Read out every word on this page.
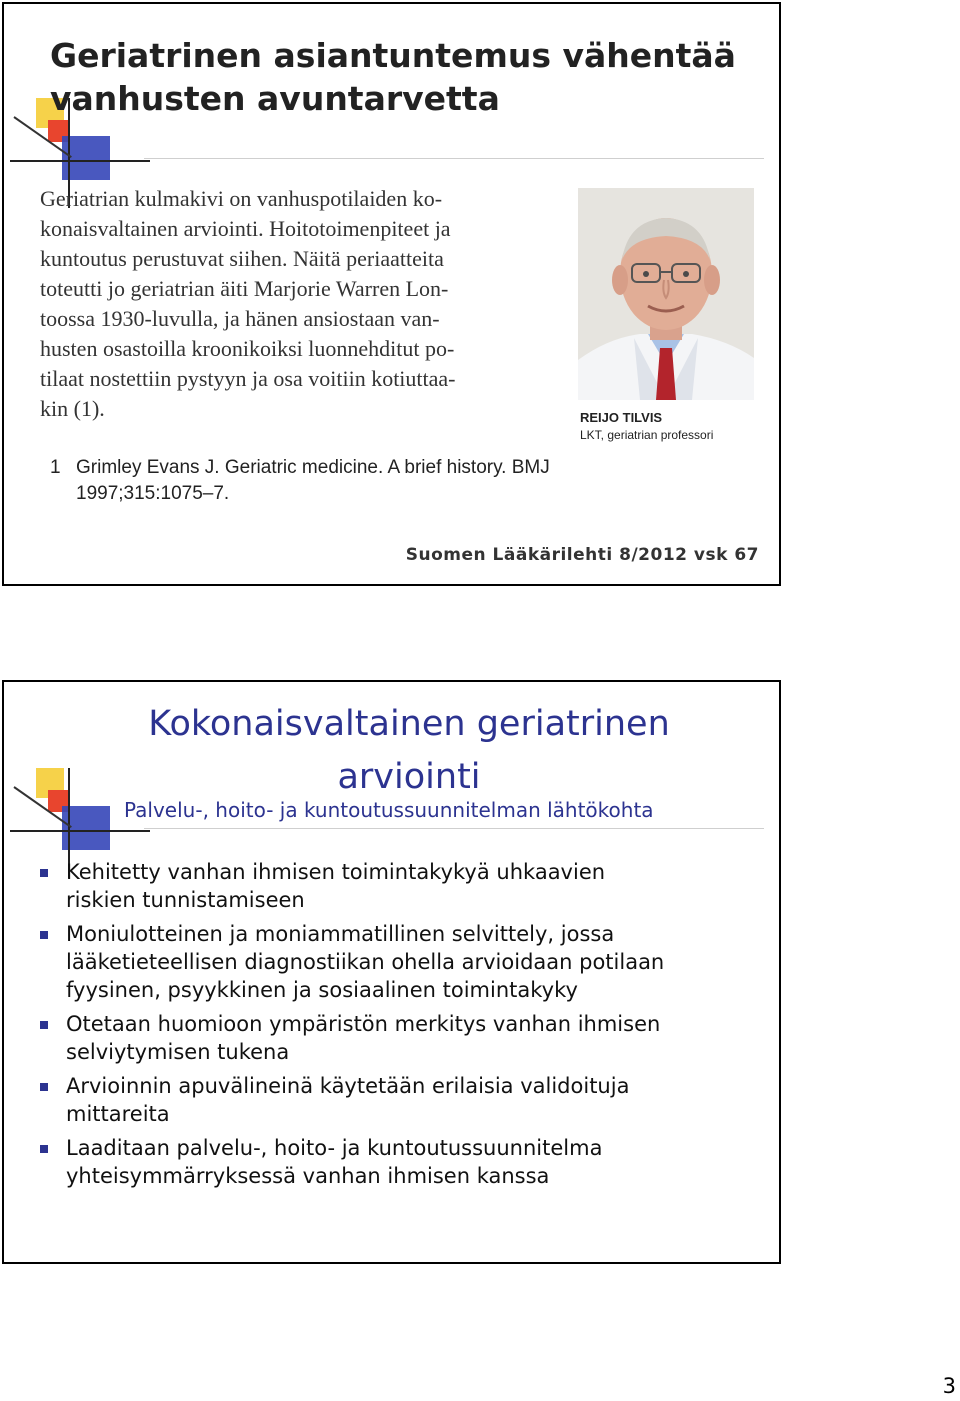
Geriatrinen asiantuntemus vähentää
vanhusten avuntarvetta
Geriatrian kulmakivi on vanhuspotilaiden ko-
konaisvaltainen arviointi. Hoitotoimenpiteet ja
kuntoutus perustuvat siihen. Näitä periaatteita
toteutti jo geriatrian äiti Marjorie Warren Lon-
toossa 1930-luvulla, ja hänen ansiostaan van-
husten osastoilla kroonikoiksi luonnehditut po-
tilaat nostettiin pystyyn ja osa voitiin kotiuttaa-
kin (1).
1 Grimley Evans J. Geriatric medicine. A brief history. BMJ
1997;315:1075–7.
REIJO TILVIS
LKT, geriatrian professori
Suomen Lääkärilehti 8/2012 vsk 67
Kokonaisvaltainen geriatrinen
arviointi
Palvelu-, hoito- ja kuntoutussuunnitelman lähtökohta
Kehitetty vanhan ihmisen toimintakykyä uhkaavien
riskien tunnistamiseen
Moniulotteinen ja moniammatillinen selvittely, jossa
lääketieteellisen diagnostiikan ohella arvioidaan potilaan
fyysinen, psyykkinen ja sosiaalinen toimintakyky
Otetaan huomioon ympäristön merkitys vanhan ihmisen
selviytymisen tukena
Arvioinnin apuvälineinä käytetään erilaisia validoituja
mittareita
Laaditaan palvelu-, hoito- ja kuntoutussuunnitelma
yhteisymmärryksessä vanhan ihmisen kanssa
3
